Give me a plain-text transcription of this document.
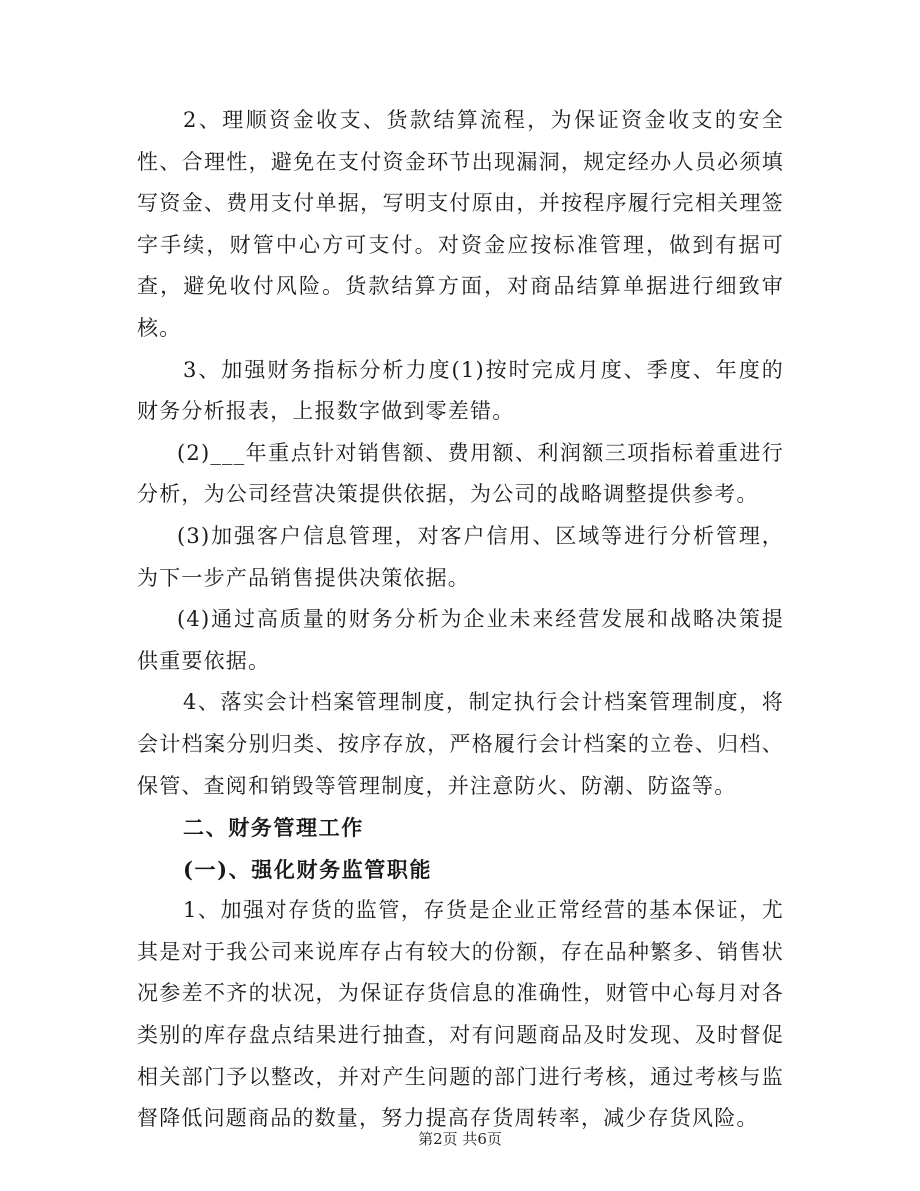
2、理顺资金收支、货款结算流程，为保证资金收支的安全性、合理性，避免在支付资金环节出现漏洞，规定经办人员必须填写资金、费用支付单据，写明支付原由，并按程序履行完相关理签字手续，财管中心方可支付。对资金应按标准管理，做到有据可查，避免收付风险。货款结算方面，对商品结算单据进行细致审核。

3、加强财务指标分析力度(1)按时完成月度、季度、年度的财务分析报表，上报数字做到零差错。

(2)___年重点针对销售额、费用额、利润额三项指标着重进行分析，为公司经营决策提供依据，为公司的战略调整提供参考。

(3)加强客户信息管理，对客户信用、区域等进行分析管理，为下一步产品销售提供决策依据。

(4)通过高质量的财务分析为企业未来经营发展和战略决策提供重要依据。

4、落实会计档案管理制度，制定执行会计档案管理制度，将会计档案分别归类、按序存放，严格履行会计档案的立卷、归档、保管、查阅和销毁等管理制度，并注意防火、防潮、防盗等。

二、财务管理工作

(一)、强化财务监管职能

1、加强对存货的监管，存货是企业正常经营的基本保证，尤其是对于我公司来说库存占有较大的份额，存在品种繁多、销售状况参差不齐的状况，为保证存货信息的准确性，财管中心每月对各类别的库存盘点结果进行抽查，对有问题商品及时发现、及时督促相关部门予以整改，并对产生问题的部门进行考核，通过考核与监督降低问题商品的数量，努力提高存货周转率，减少存货风险。

第2页 共6页
